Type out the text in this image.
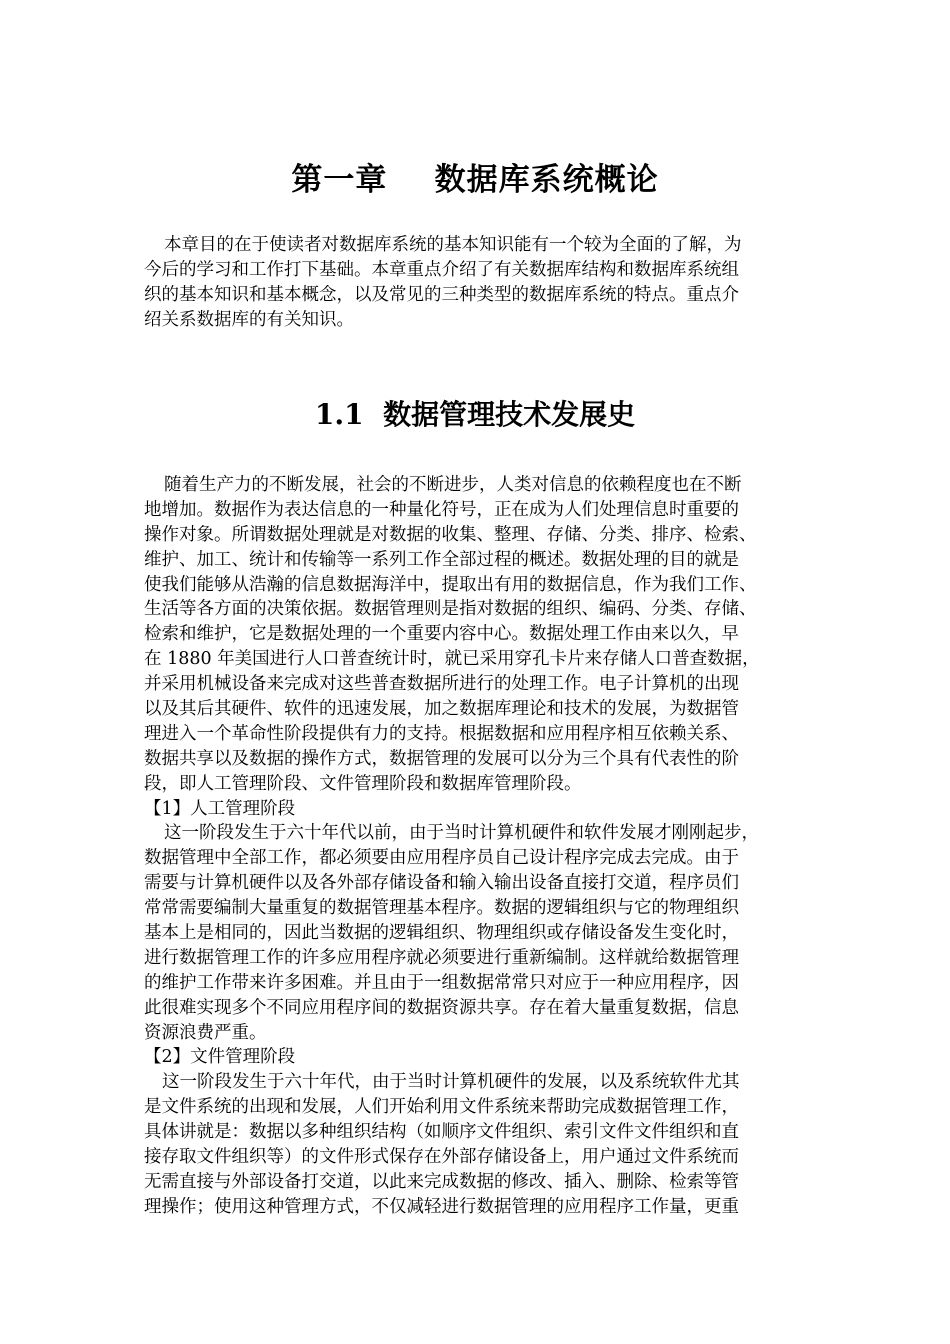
第一章    数据库系统概论
本章目的在于使读者对数据库系统的基本知识能有一个较为全面的了解，为
今后的学习和工作打下基础。本章重点介绍了有关数据库结构和数据库系统组
织的基本知识和基本概念，以及常见的三种类型的数据库系统的特点。重点介
绍关系数据库的有关知识。
1.1  数据管理技术发展史
随着生产力的不断发展，社会的不断进步，人类对信息的依赖程度也在不断
地增加。数据作为表达信息的一种量化符号，正在成为人们处理信息时重要的
操作对象。所谓数据处理就是对数据的收集、整理、存储、分类、排序、检索、
维护、加工、统计和传输等一系列工作全部过程的概述。数据处理的目的就是
使我们能够从浩瀚的信息数据海洋中，提取出有用的数据信息，作为我们工作、
生活等各方面的决策依据。数据管理则是指对数据的组织、编码、分类、存储、
检索和维护，它是数据处理的一个重要内容中心。数据处理工作由来以久，早
在 1880 年美国进行人口普查统计时，就已采用穿孔卡片来存储人口普查数据，
并采用机械设备来完成对这些普查数据所进行的处理工作。电子计算机的出现
以及其后其硬件、软件的迅速发展，加之数据库理论和技术的发展，为数据管
理进入一个革命性阶段提供有力的支持。根据数据和应用程序相互依赖关系、
数据共享以及数据的操作方式，数据管理的发展可以分为三个具有代表性的阶
段，即人工管理阶段、文件管理阶段和数据库管理阶段。
【1】人工管理阶段
这一阶段发生于六十年代以前，由于当时计算机硬件和软件发展才刚刚起步，
数据管理中全部工作，都必须要由应用程序员自己设计程序完成去完成。由于
需要与计算机硬件以及各外部存储设备和输入输出设备直接打交道，程序员们
常常需要编制大量重复的数据管理基本程序。数据的逻辑组织与它的物理组织
基本上是相同的，因此当数据的逻辑组织、物理组织或存储设备发生变化时，
进行数据管理工作的许多应用程序就必须要进行重新编制。这样就给数据管理
的维护工作带来许多困难。并且由于一组数据常常只对应于一种应用程序，因
此很难实现多个不同应用程序间的数据资源共享。存在着大量重复数据，信息
资源浪费严重。
【2】文件管理阶段
这一阶段发生于六十年代，由于当时计算机硬件的发展，以及系统软件尤其
是文件系统的出现和发展，人们开始利用文件系统来帮助完成数据管理工作，
具体讲就是：数据以多种组织结构（如顺序文件组织、索引文件文件组织和直
接存取文件组织等）的文件形式保存在外部存储设备上，用户通过文件系统而
无需直接与外部设备打交道，以此来完成数据的修改、插入、删除、检索等管
理操作；使用这种管理方式，不仅减轻进行数据管理的应用程序工作量，更重
